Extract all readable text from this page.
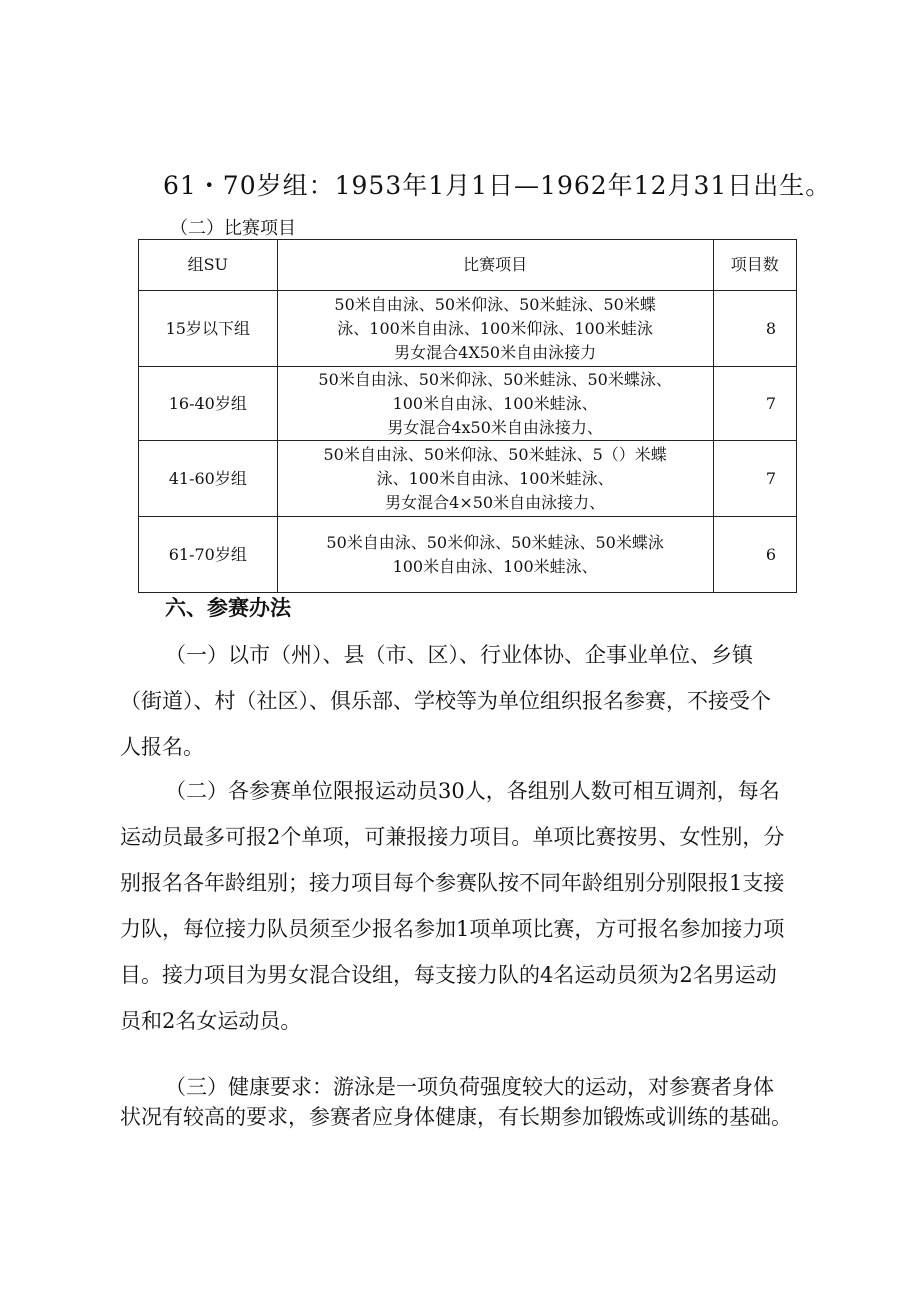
61・70岁组：1953年1月1日—1962年12月31日出生。
（二）比赛项目
组SU	比赛项目	项目数
15岁以下组	50米自由泳、50米仰泳、50米蛙泳、50米蝶
泳、100米自由泳、100米仰泳、100米蛙泳
男女混合4X50米自由泳接力	8
16-40岁组	50米自由泳、50米仰泳、50米蛙泳、50米蝶泳、
100米自由泳、100米蛙泳、
男女混合4x50米自由泳接力、	7
41-60岁组	50米自由泳、50米仰泳、50米蛙泳、5（）米蝶
泳、100米自由泳、100米蛙泳、
男女混合4×50米自由泳接力、	7
61-70岁组	50米自由泳、50米仰泳、50米蛙泳、50米蝶泳
100米自由泳、100米蛙泳、	6
六、参赛办法
（一）以市（州）、县（市、区）、行业体协、企事业单位、乡镇
（街道）、村（社区）、俱乐部、学校等为单位组织报名参赛，不接受个
人报名。
（二）各参赛单位限报运动员30人，各组别人数可相互调剂，每名
运动员最多可报2个单项，可兼报接力项目。单项比赛按男、女性别，分
别报名各年龄组别；接力项目每个参赛队按不同年龄组别分别限报1支接
力队，每位接力队员须至少报名参加1项单项比赛，方可报名参加接力项
目。接力项目为男女混合设组，每支接力队的4名运动员须为2名男运动
员和2名女运动员。
（三）健康要求：游泳是一项负荷强度较大的运动，对参赛者身体
状况有较高的要求，参赛者应身体健康，有长期参加锻炼或训练的基础。
